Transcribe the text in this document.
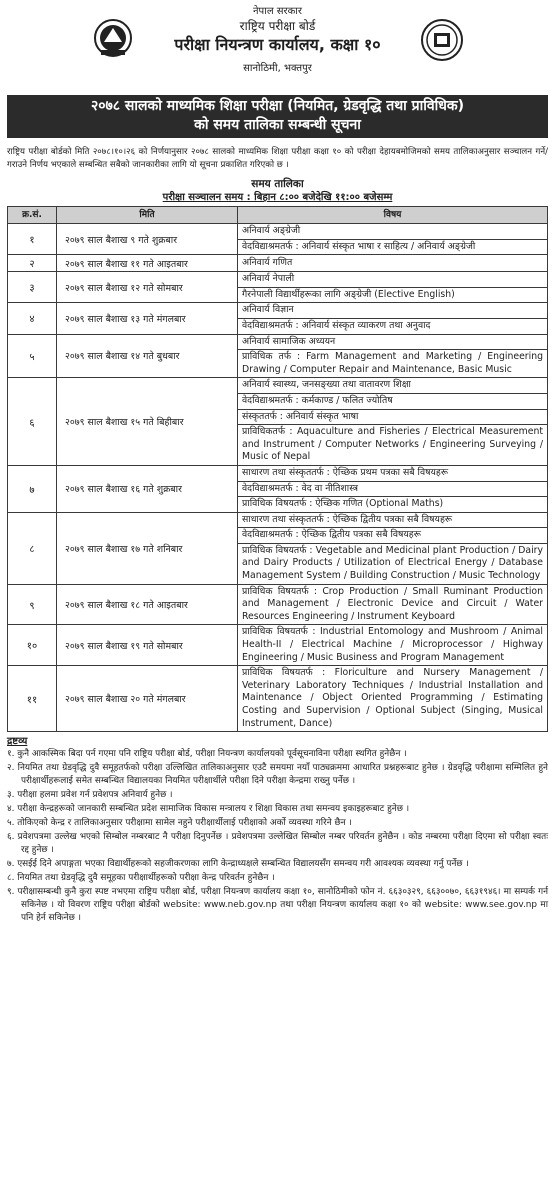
नेपाल सरकार
राष्ट्रिय परीक्षा बोर्ड
परीक्षा नियन्त्रण कार्यालय, कक्षा १०
सानोठिमी, भक्तपुर
२०७८ सालको माध्यमिक शिक्षा परीक्षा (नियमित, ग्रेडवृद्धि तथा प्राविधिक)
को समय तालिका सम्बन्धी सूचना

राष्ट्रिय परीक्षा बोर्डको मिति २०७८।१०।२६ को निर्णयानुसार २०७८ सालको माध्यमिक शिक्षा परीक्षा कक्षा १० को परीक्षा देहायबमोजिमको समय तालिकाअनुसार सञ्चालन गर्ने/गराउने निर्णय भएकाले सम्बन्धित सबैको जानकारीका लागि यो सूचना प्रकाशित गरिएको छ ।

समय तालिका
परीक्षा सञ्चालन समय : बिहान ८:०० बजेदेखि ११:०० बजेसम्म
क्र.सं.	मिति	विषय
१	२०७९ साल बैशाख ९ गते शुक्रबार	अनिवार्य अङ्ग्रेजी
वेदविद्याश्रमतर्फ : अनिवार्य संस्कृत भाषा र साहित्य / अनिवार्य अङ्ग्रेजी

२	२०७९ साल बैशाख ११ गते आइतबार	अनिवार्य गणित

३	२०७९ साल बैशाख १२ गते सोमबार	अनिवार्य नेपाली
गैरनेपाली विद्यार्थीहरूका लागि अङ्ग्रेजी (Elective English)

४	२०७९ साल बैशाख १३ गते मंगलबार	अनिवार्य विज्ञान
वेदविद्याश्रमतर्फ : अनिवार्य संस्कृत व्याकरण तथा अनुवाद

५	२०७९ साल बैशाख १४ गते बुधबार	अनिवार्य सामाजिक अध्ययन
प्राविधिक तर्फ : Farm Management and Marketing / Engineering Drawing / Computer Repair and Maintenance, Basic Music

६	२०७९ साल बैशाख १५ गते बिहीबार	अनिवार्य स्वास्थ्य, जनसङ्ख्या तथा वातावरण शिक्षा
वेदविद्याश्रमतर्फ : कर्मकाण्ड / फलित ज्योतिष
संस्कृततर्फ : अनिवार्य संस्कृत भाषा
प्राविधिकतर्फ : Aquaculture and Fisheries / Electrical Measurement and Instrument / Computer Networks / Engineering Surveying / Music of Nepal

७	२०७९ साल बैशाख १६ गते शुक्रबार	साधारण तथा संस्कृततर्फ : ऐच्छिक प्रथम पत्रका सबै विषयहरू
वेदविद्याश्रमतर्फ : वेद वा नीतिशास्त्र
प्राविधिक विषयतर्फ : ऐच्छिक गणित (Optional Maths)

८	२०७९ साल बैशाख १७ गते शनिबार	साधारण तथा संस्कृततर्फ : ऐच्छिक द्वितीय पत्रका सबै विषयहरू
वेदविद्याश्रमतर्फ : ऐच्छिक द्वितीय पत्रका सबै विषयहरू
प्राविधिक विषयतर्फ : Vegetable and Medicinal plant Production / Dairy and Dairy Products / Utilization of Electrical Energy / Database Management System / Building Construction / Music Technology

९	२०७९ साल बैशाख १८ गते आइतबार	प्राविधिक विषयतर्फ : Crop Production / Small Ruminant Production and Management / Electronic Device and Circuit / Water Resources Engineering / Instrument Keyboard

१०	२०७९ साल बैशाख १९ गते सोमबार	प्राविधिक विषयतर्फ : Industrial Entomology and Mushroom / Animal Health-II / Electrical Machine / Microprocessor / Highway Engineering / Music Business and Program Management

११	२०७९ साल बैशाख २० गते मंगलबार	प्राविधिक विषयतर्फ : Floriculture and Nursery Management / Veterinary Laboratory Techniques / Industrial Installation and Maintenance / Object Oriented Programming / Estimating Costing and Supervision / Optional Subject (Singing, Musical Instrument, Dance)
द्रष्टव्य
१. कुनै आकस्मिक बिदा पर्न गएमा पनि राष्ट्रिय परीक्षा बोर्ड, परीक्षा नियन्त्रण कार्यालयको पूर्वसूचनाविना परीक्षा स्थगित हुनेछैन ।
२. नियमित तथा ग्रेडवृद्धि दुवै समूहतर्फको परीक्षा उल्लिखित तालिकाअनुसार एउटै समयमा नयाँ पाठ्यक्रममा आधारित प्रश्नहरूबाट हुनेछ । ग्रेडवृद्धि परीक्षामा सम्मिलित हुने परीक्षार्थीहरूलाई समेत सम्बन्धित विद्यालयका नियमित परीक्षार्थीले परीक्षा दिने परीक्षा केन्द्रमा राख्नु पर्नेछ ।
३. परीक्षा हलमा प्रवेश गर्न प्रवेशपत्र अनिवार्य हुनेछ ।
४. परीक्षा केन्द्रहरूको जानकारी सम्बन्धित प्रदेश सामाजिक विकास मन्त्रालय र शिक्षा विकास तथा समन्वय इकाइहरूबाट हुनेछ ।
५. तोकिएको केन्द्र र तालिकाअनुसार परीक्षामा सामेल नहुने परीक्षार्थीलाई परीक्षाको अर्को व्यवस्था गरिने छैन ।
६. प्रवेशपत्रमा उल्लेख भएको सिम्बोल नम्बरबाट नै परीक्षा दिनुपर्नेछ । प्रवेशपत्रमा उल्लेखित सिम्बोल नम्बर परिवर्तन हुनेछैन । कोड नम्बरमा परीक्षा दिएमा सो परीक्षा स्वतः रद्द हुनेछ ।
७. एसईई दिने अपाङ्गता भएका विद्यार्थीहरूको सहजीकरणका लागि केन्द्राध्यक्षले सम्बन्धित विद्यालयसँग समन्वय गरी आवश्यक व्यवस्था गर्नु पर्नेछ ।
८. नियमित तथा ग्रेडवृद्धि दुवै समूहका परीक्षार्थीहरूको परीक्षा केन्द्र परिवर्तन हुनेछैन ।
९. परीक्षासम्बन्धी कुनै कुरा स्पष्ट नभएमा राष्ट्रिय परीक्षा बोर्ड, परीक्षा नियन्त्रण कार्यालय कक्षा १०, सानोठिमीको फोन नं. ६६३०३२९, ६६३००७०, ६६३१९४६। मा सम्पर्क गर्न सकिनेछ । यो विवरण राष्ट्रिय परीक्षा बोर्डको website: www.neb.gov.np तथा परीक्षा नियन्त्रण कार्यालय कक्षा १० को website: www.see.gov.np मा पनि हेर्न सकिनेछ ।
